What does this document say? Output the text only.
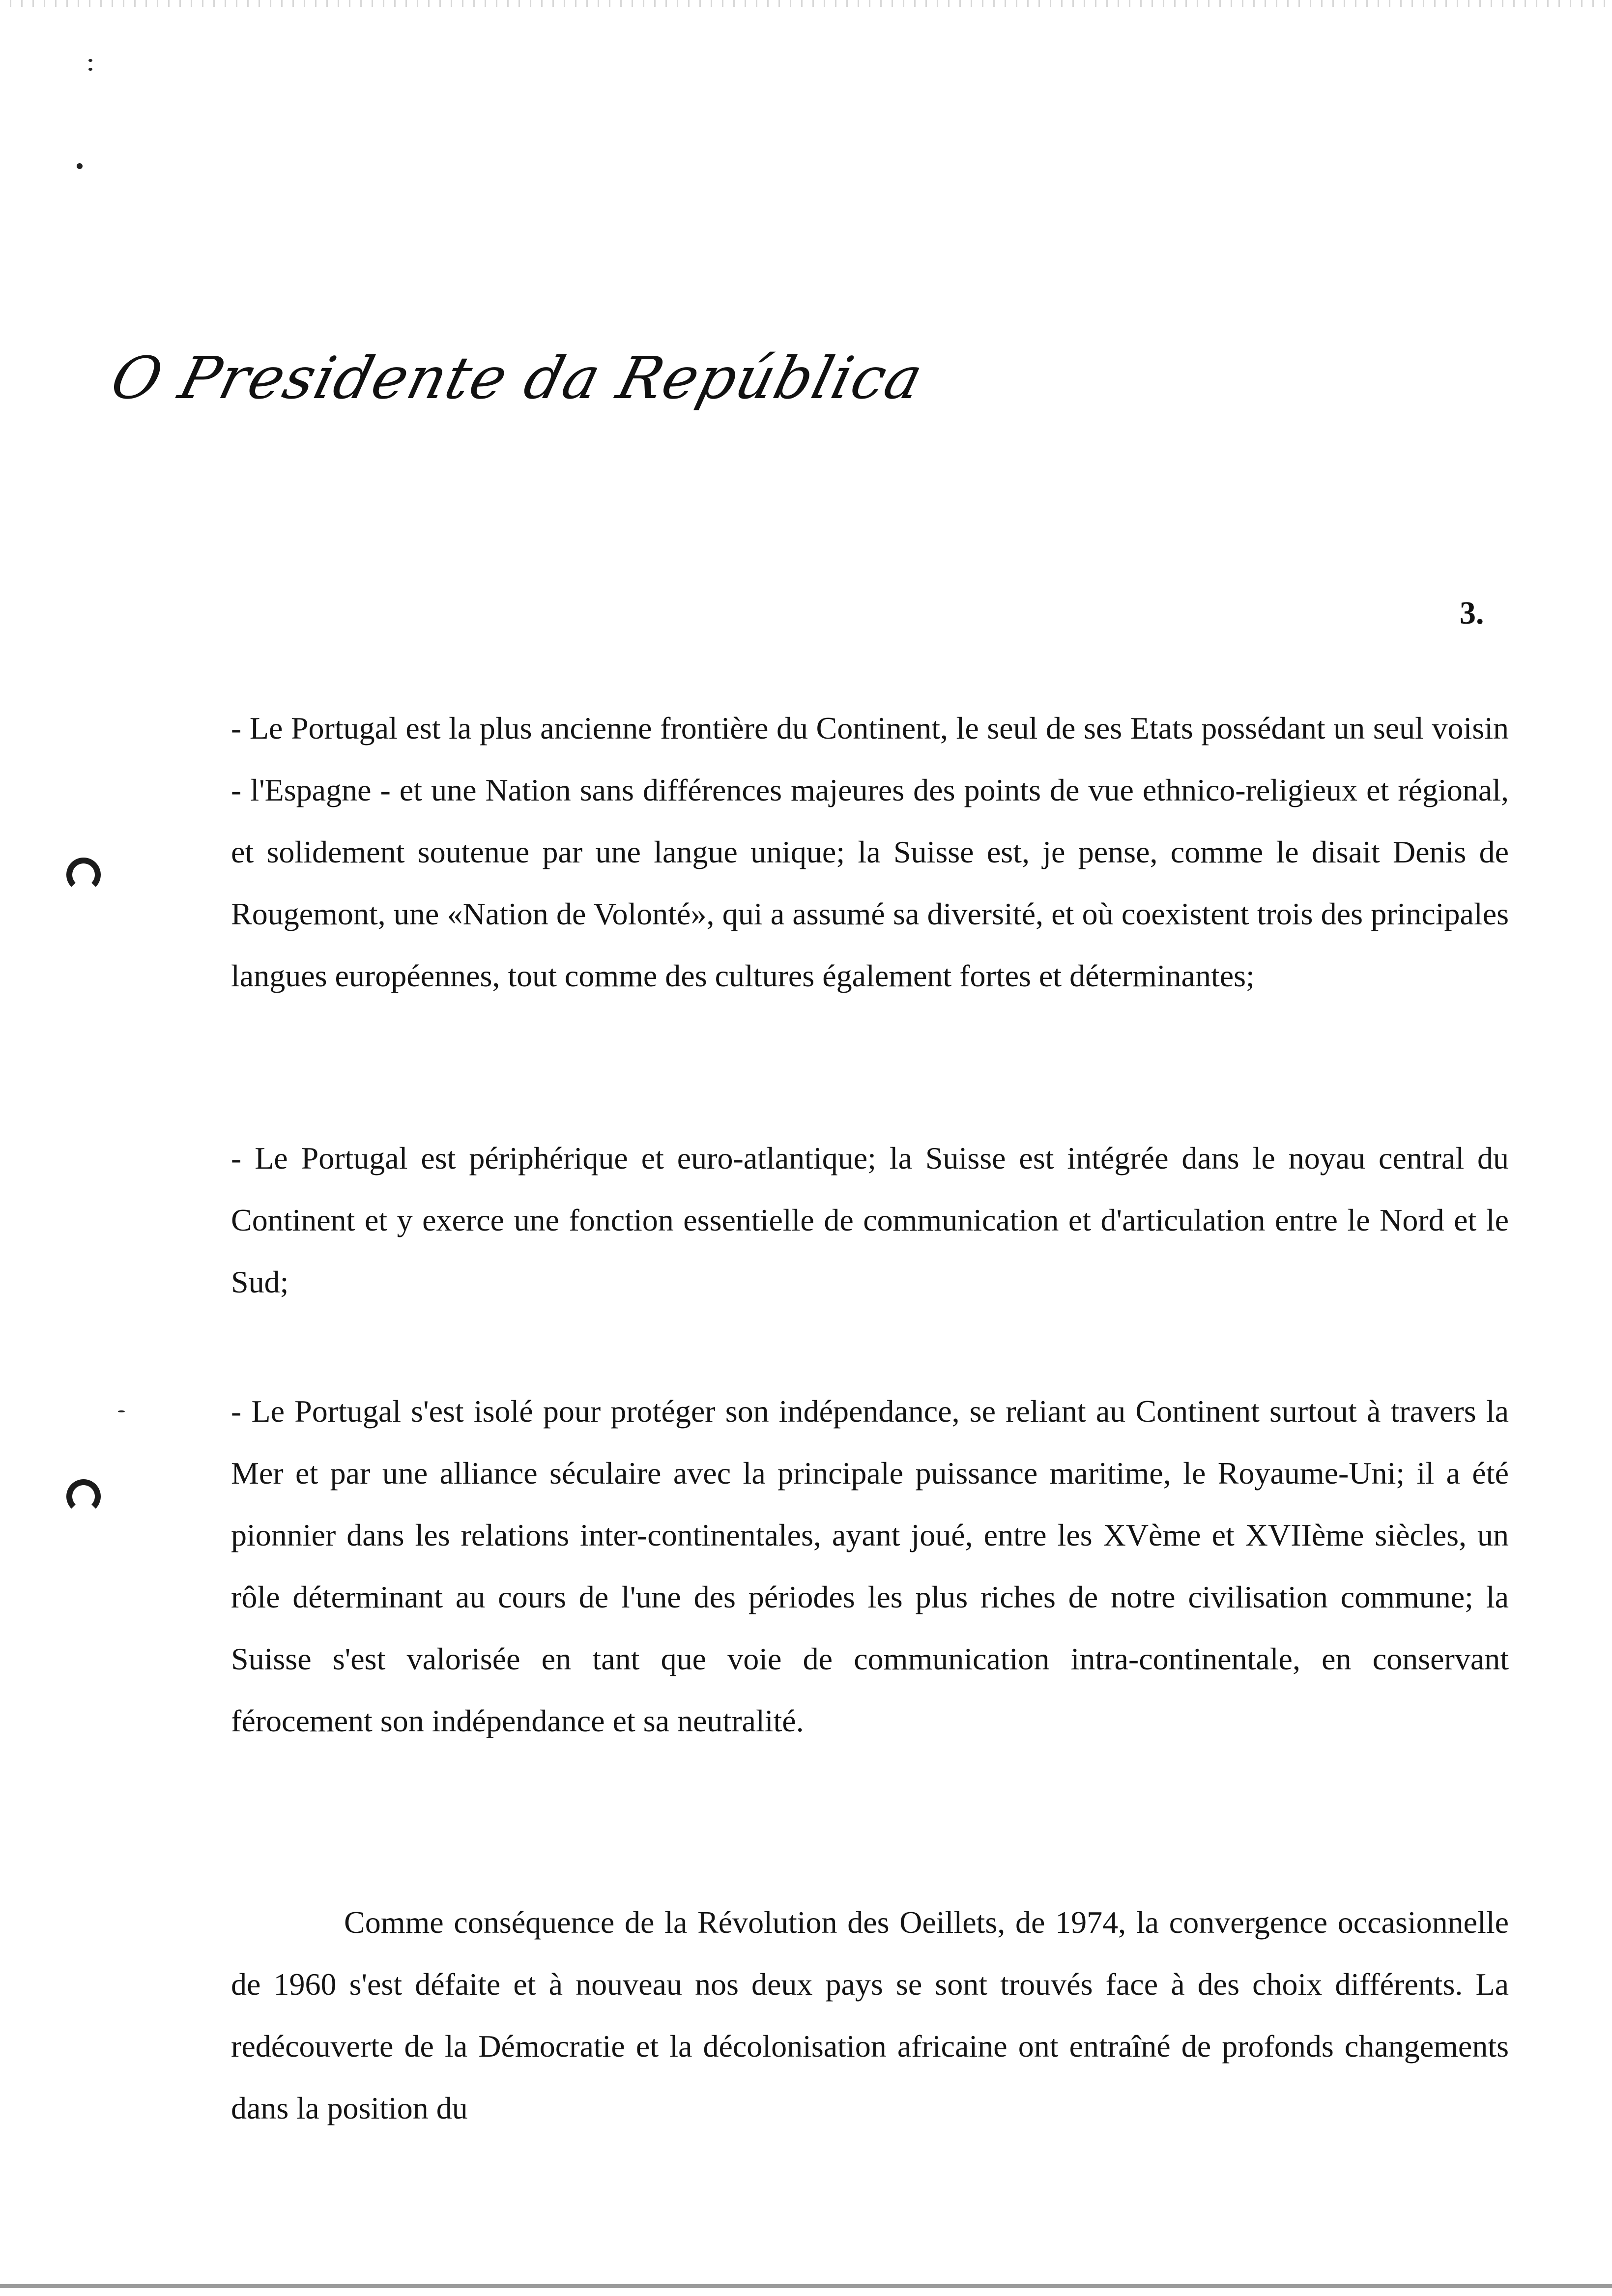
O Presidente da República
3.

- Le Portugal est la plus ancienne frontière du Continent, le seul de ses Etats possédant un seul voisin - l'Espagne - et une Nation sans différences majeures des points de vue ethnico-religieux et régional, et solidement soutenue par une langue unique; la Suisse est, je pense, comme le disait Denis de Rougemont, une «Nation de Volonté», qui a assumé sa diversité, et où coexistent trois des principales langues européennes, tout comme des cultures également fortes et déterminantes;

- Le Portugal est périphérique et euro-atlantique; la Suisse est intégrée dans le noyau central du Continent et y exerce une fonction essentielle de communication et d'articulation entre le Nord et le Sud;

- Le Portugal s'est isolé pour protéger son indépendance, se reliant au Continent surtout à travers la Mer et par une alliance séculaire avec la principale puissance maritime, le Royaume-Uni; il a été pionnier dans les relations inter-continentales, ayant joué, entre les XVème et XVIIème siècles, un rôle déterminant au cours de l'une des périodes les plus riches de notre civilisation commune; la Suisse s'est valorisée en tant que voie de communication intra-continentale, en conservant férocement son indépendance et sa neutralité.

Comme conséquence de la Révolution des Oeillets, de 1974, la convergence occasionnelle de 1960 s'est défaite et à nouveau nos deux pays se sont trouvés face à des choix différents. La redécouverte de la Démocratie et la décolonisation africaine ont entraîné de profonds changements dans la position du
